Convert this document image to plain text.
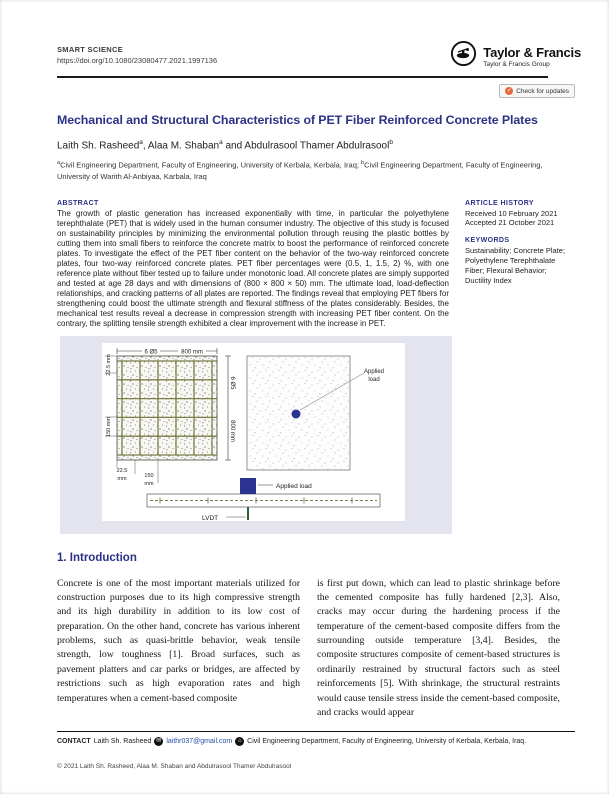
SMART SCIENCE
https://doi.org/10.1080/23080477.2021.1997136
Taylor & Francis
Taylor & Francis Group
✓ Check for updates
Mechanical and Structural Characteristics of PET Fiber Reinforced Concrete Plates
Laith Sh. Rasheed$^a$, Alaa M. Shaban$^a$ and Abdulrasool Thamer Abdulrasool$^b$
$^a$Civil Engineering Department, Faculty of Engineering, University of Kerbala, Kerbala, Iraq; $^b$Civil Engineering Department, Faculty of Engineering, University of Warith Al-Anbiyaa, Karbala, Iraq
ABSTRACT
The growth of plastic generation has increased exponentially with time, in particular the polyethylene terephthalate (PET) that is widely used in the human consumer industry. The objective of this study is focused on sustainability principles by minimizing the environmental pollution through reusing the plastic bottles by cutting them into small fibers to reinforce the concrete matrix to boost the performance of reinforced concrete plates. To investigate the effect of the PET fiber content on the behavior of the two-way reinforced concrete plates, four two-way reinforced concrete plates. PET fiber percentages were (0.5, 1, 1.5, 2) %, with one reference plate without fiber tested up to failure under monotonic load. All concrete plates are simply supported and tested at age 28 days and with dimensions of (800 × 800 × 50) mm. The ultimate load, load-deflection relationships, and cracking patterns of all plates are reported. The findings reveal that employing PET fibers for strengthening could boost the ultimate strength and flexural stiffness of the plates considerably. Besides, the mechanical test results reveal a decrease in compression strength with increasing PET fiber content. On the contrary, the splitting tensile strength exhibited a clear improvement with the increase in PET.
ARTICLE HISTORY
Received 10 February 2021
Accepted 21 October 2021
KEYWORDS
Sustainability; Concrete Plate; Polyethylene Terephthalate Fiber; Flexural Behavior; Ductility Index
6 Ø5	800 mm
22.5 mm
150 mm
6 Ø5
800 mm
22.5
mm	150
mm
Applied
load
Applied load
LVDT
1. Introduction
Concrete is one of the most important materials utilized for construction purposes due to its high compressive strength and its high durability in addition to its low cost of preparation. On the other hand, concrete has various inherent problems, such as quasi-brittle behavior, weak tensile strength, low toughness [1]. Broad surfaces, such as pavement platters and car parks or bridges, are affected by restrictions such as high evaporation rates and high temperatures when a cement-based composite
is first put down, which can lead to plastic shrinkage before the cemented composite has fully hardened [2,3]. Also, cracks may occur during the hardening process if the temperature of the cement-based composite differs from the surrounding outside temperature [3,4]. Besides, the composite structures composite of cement-based structures is ordinarily restrained by structural factors such as steel reinforcements [5]. With shrinkage, the structural restraints would cause tensile stress inside the cement-based composite, and cracks would appear
CONTACT Laith Sh. Rasheed ✉ laithr037@gmail.com ⌂ Civil Engineering Department, Faculty of Engineering, University of Kerbala, Kerbala, Iraq.
© 2021 Laith Sh. Rasheed, Alaa M. Shaban and Abdulrasool Thamer Abdulrasool
